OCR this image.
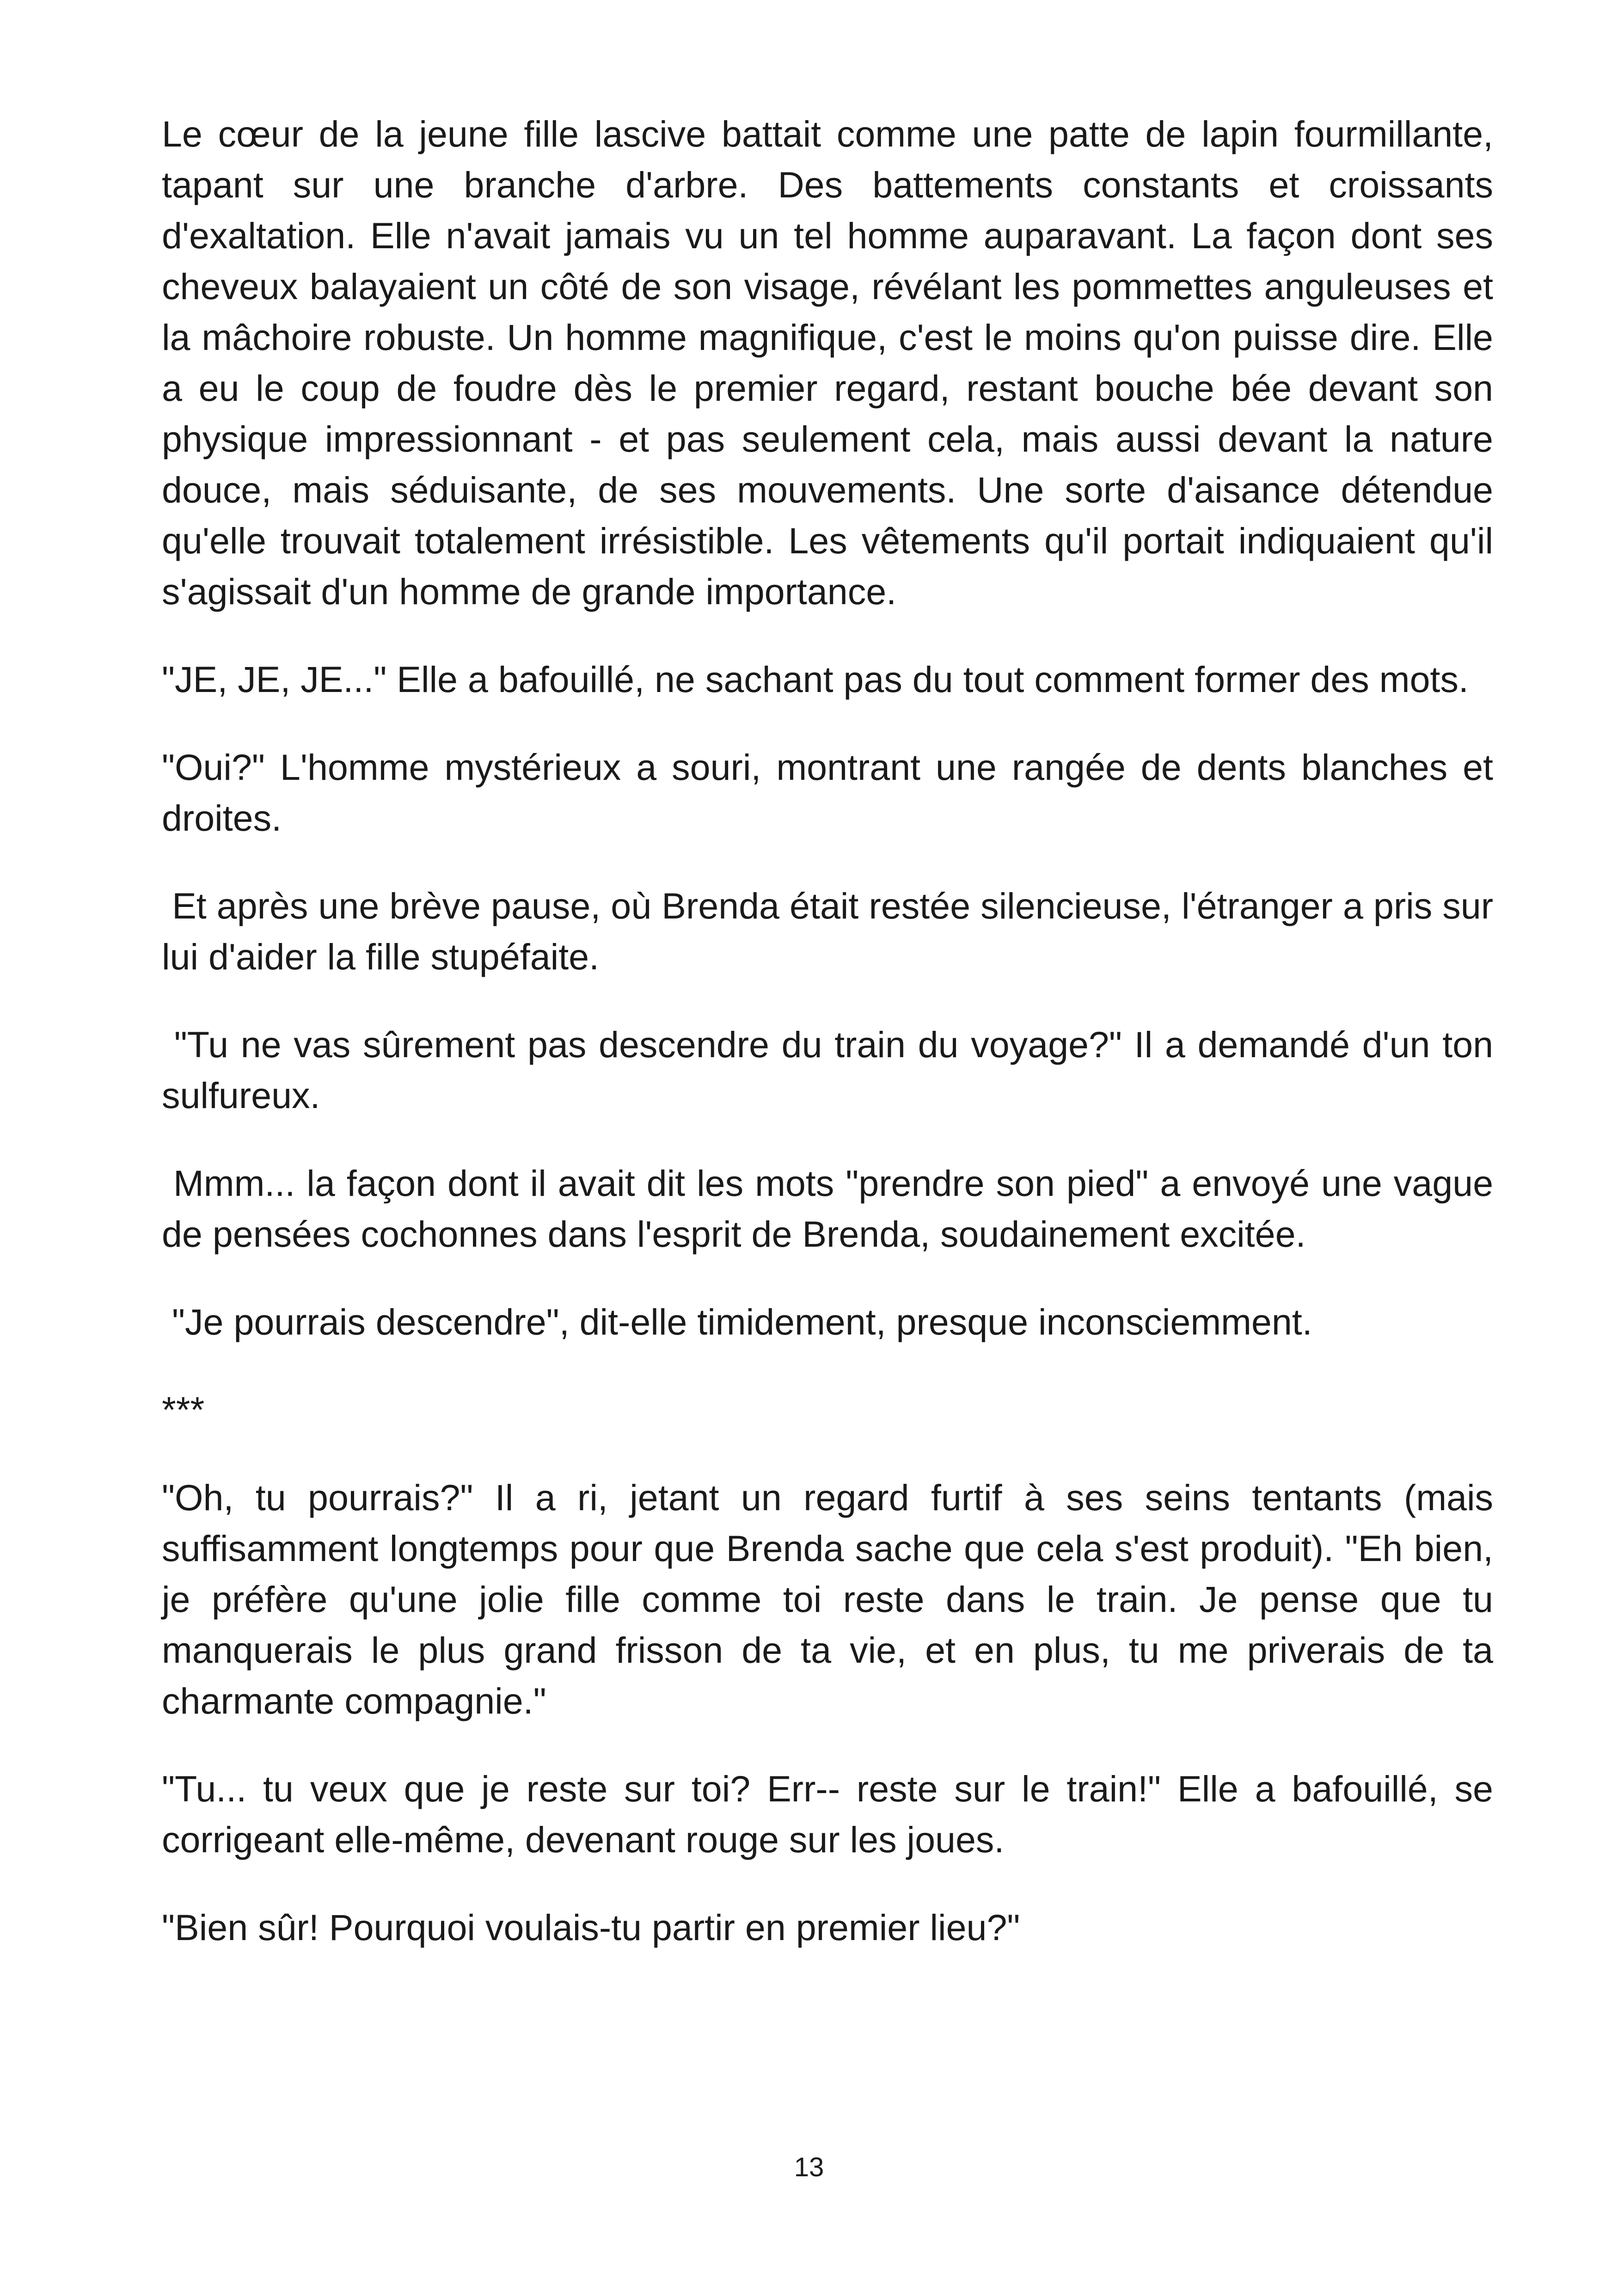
Le cœur de la jeune fille lascive battait comme une patte de lapin fourmillante, tapant sur une branche d'arbre. Des battements constants et croissants d'exaltation. Elle n'avait jamais vu un tel homme auparavant. La façon dont ses cheveux balayaient un côté de son visage, révélant les pommettes anguleuses et la mâchoire robuste. Un homme magnifique, c'est le moins qu'on puisse dire. Elle a eu le coup de foudre dès le premier regard, restant bouche bée devant son physique impressionnant - et pas seulement cela, mais aussi devant la nature douce, mais séduisante, de ses mouvements. Une sorte d'aisance détendue qu'elle trouvait totalement irrésistible. Les vêtements qu'il portait indiquaient qu'il s'agissait d'un homme de grande importance.

"JE, JE, JE..." Elle a bafouillé, ne sachant pas du tout comment former des mots.

"Oui?" L'homme mystérieux a souri, montrant une rangée de dents blanches et droites.

Et après une brève pause, où Brenda était restée silencieuse, l'étranger a pris sur lui d'aider la fille stupéfaite.

"Tu ne vas sûrement pas descendre du train du voyage?" Il a demandé d'un ton sulfureux.

Mmm... la façon dont il avait dit les mots "prendre son pied" a envoyé une vague de pensées cochonnes dans l'esprit de Brenda, soudainement excitée.

"Je pourrais descendre", dit-elle timidement, presque inconsciemment.

***

"Oh, tu pourrais?" Il a ri, jetant un regard furtif à ses seins tentants (mais suffisamment longtemps pour que Brenda sache que cela s'est produit). "Eh bien, je préfère qu'une jolie fille comme toi reste dans le train. Je pense que tu manquerais le plus grand frisson de ta vie, et en plus, tu me priverais de ta charmante compagnie."

"Tu... tu veux que je reste sur toi? Err-- reste sur le train!" Elle a bafouillé, se corrigeant elle-même, devenant rouge sur les joues.

"Bien sûr! Pourquoi voulais-tu partir en premier lieu?"

13
